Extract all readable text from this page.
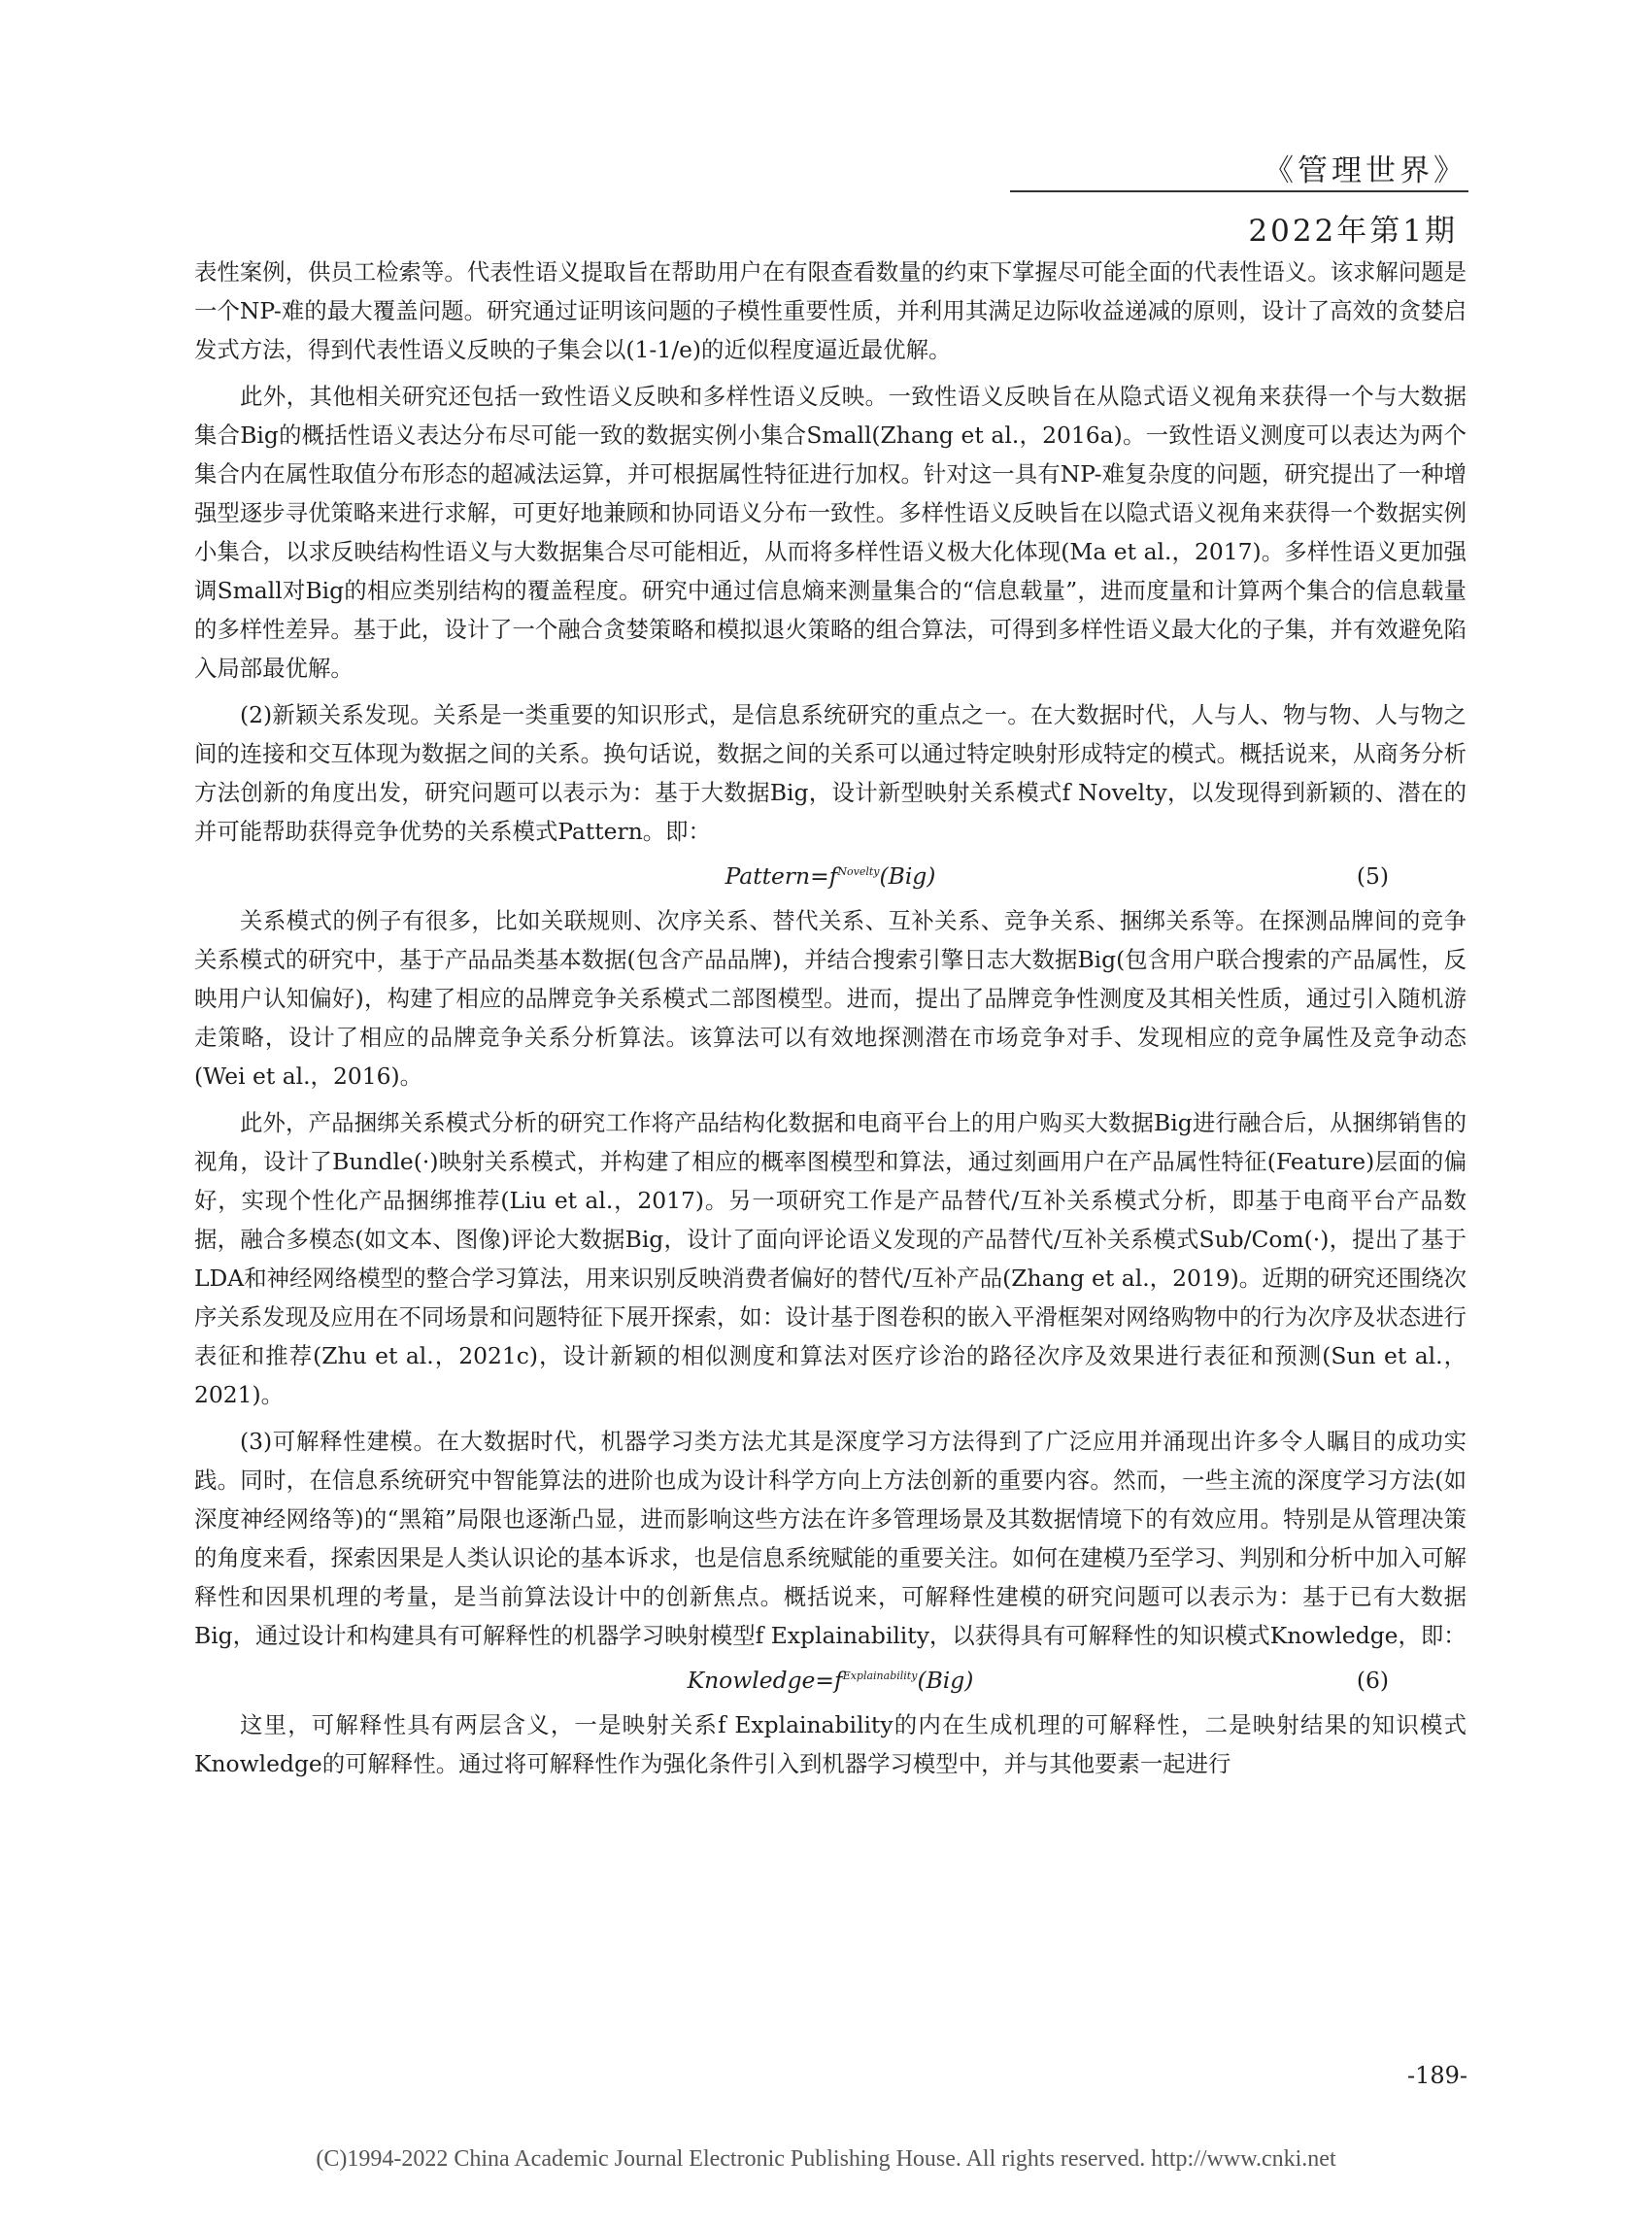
《管理世界》
2022年第1期

表性案例，供员工检索等。代表性语义提取旨在帮助用户在有限查看数量的约束下掌握尽可能全面的代表性语义。该求解问题是一个NP-难的最大覆盖问题。研究通过证明该问题的子模性重要性质，并利用其满足边际收益递减的原则，设计了高效的贪婪启发式方法，得到代表性语义反映的子集会以(1-1/e)的近似程度逼近最优解。

此外，其他相关研究还包括一致性语义反映和多样性语义反映。一致性语义反映旨在从隐式语义视角来获得一个与大数据集合Big的概括性语义表达分布尽可能一致的数据实例小集合Small(Zhang et al.，2016a)。一致性语义测度可以表达为两个集合内在属性取值分布形态的超减法运算，并可根据属性特征进行加权。针对这一具有NP-难复杂度的问题，研究提出了一种增强型逐步寻优策略来进行求解，可更好地兼顾和协同语义分布一致性。多样性语义反映旨在以隐式语义视角来获得一个数据实例小集合，以求反映结构性语义与大数据集合尽可能相近，从而将多样性语义极大化体现(Ma et al.，2017)。多样性语义更加强调Small对Big的相应类别结构的覆盖程度。研究中通过信息熵来测量集合的“信息载量”，进而度量和计算两个集合的信息载量的多样性差异。基于此，设计了一个融合贪婪策略和模拟退火策略的组合算法，可得到多样性语义最大化的子集，并有效避免陷入局部最优解。

(2)新颖关系发现。关系是一类重要的知识形式，是信息系统研究的重点之一。在大数据时代，人与人、物与物、人与物之间的连接和交互体现为数据之间的关系。换句话说，数据之间的关系可以通过特定映射形成特定的模式。概括说来，从商务分析方法创新的角度出发，研究问题可以表示为：基于大数据Big，设计新型映射关系模式f Novelty，以发现得到新颖的、潜在的并可能帮助获得竞争优势的关系模式Pattern。即：

$Pattern=f^{Novelty}(Big)$	(5)

关系模式的例子有很多，比如关联规则、次序关系、替代关系、互补关系、竞争关系、捆绑关系等。在探测品牌间的竞争关系模式的研究中，基于产品品类基本数据(包含产品品牌)，并结合搜索引擎日志大数据Big(包含用户联合搜索的产品属性，反映用户认知偏好)，构建了相应的品牌竞争关系模式二部图模型。进而，提出了品牌竞争性测度及其相关性质，通过引入随机游走策略，设计了相应的品牌竞争关系分析算法。该算法可以有效地探测潜在市场竞争对手、发现相应的竞争属性及竞争动态(Wei et al.，2016)。

此外，产品捆绑关系模式分析的研究工作将产品结构化数据和电商平台上的用户购买大数据Big进行融合后，从捆绑销售的视角，设计了Bundle(·)映射关系模式，并构建了相应的概率图模型和算法，通过刻画用户在产品属性特征(Feature)层面的偏好，实现个性化产品捆绑推荐(Liu et al.，2017)。另一项研究工作是产品替代/互补关系模式分析，即基于电商平台产品数据，融合多模态(如文本、图像)评论大数据Big，设计了面向评论语义发现的产品替代/互补关系模式Sub/Com(·)，提出了基于LDA和神经网络模型的整合学习算法，用来识别反映消费者偏好的替代/互补产品(Zhang et al.，2019)。近期的研究还围绕次序关系发现及应用在不同场景和问题特征下展开探索，如：设计基于图卷积的嵌入平滑框架对网络购物中的行为次序及状态进行表征和推荐(Zhu et al.，2021c)，设计新颖的相似测度和算法对医疗诊治的路径次序及效果进行表征和预测(Sun et al.，2021)。

(3)可解释性建模。在大数据时代，机器学习类方法尤其是深度学习方法得到了广泛应用并涌现出许多令人瞩目的成功实践。同时，在信息系统研究中智能算法的进阶也成为设计科学方向上方法创新的重要内容。然而，一些主流的深度学习方法(如深度神经网络等)的“黑箱”局限也逐渐凸显，进而影响这些方法在许多管理场景及其数据情境下的有效应用。特别是从管理决策的角度来看，探索因果是人类认识论的基本诉求，也是信息系统赋能的重要关注。如何在建模乃至学习、判别和分析中加入可解释性和因果机理的考量，是当前算法设计中的创新焦点。概括说来，可解释性建模的研究问题可以表示为：基于已有大数据Big，通过设计和构建具有可解释性的机器学习映射模型f Explainability，以获得具有可解释性的知识模式Knowledge，即：

$Knowledge=f^{Explainability}(Big)$	(6)

这里，可解释性具有两层含义，一是映射关系f Explainability的内在生成机理的可解释性，二是映射结果的知识模式Knowledge的可解释性。通过将可解释性作为强化条件引入到机器学习模型中，并与其他要素一起进行

-189-
(C)1994-2022 China Academic Journal Electronic Publishing House. All rights reserved. http://www.cnki.net
